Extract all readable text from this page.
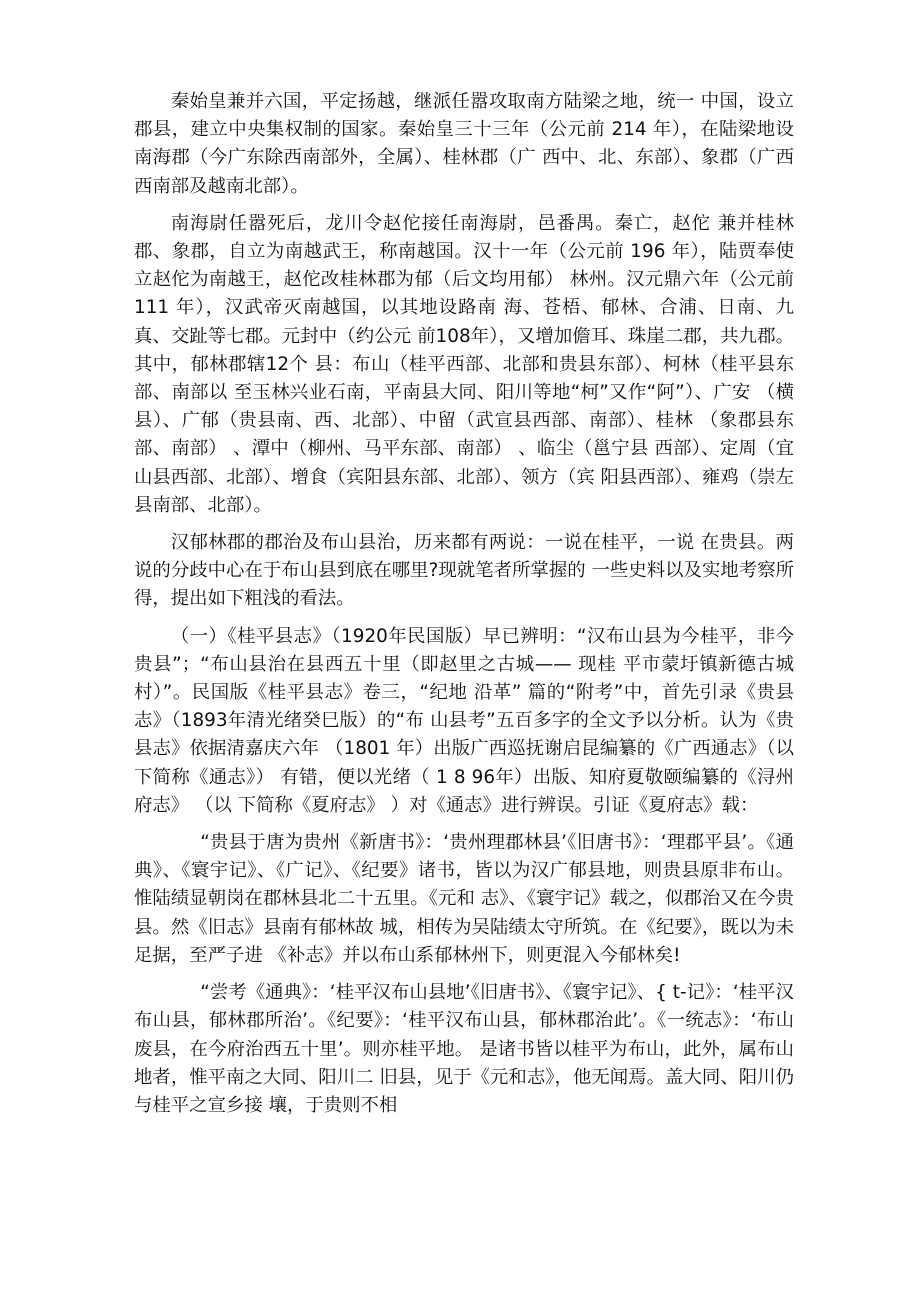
秦始皇兼并六国，平定扬越，继派任嚣攻取南方陆梁之地，统一 中国，设立郡县，建立中央集权制的国家。秦始皇三十三年（公元前 214 年），在陆梁地设南海郡（今广东除西南部外，全属）、桂林郡（广 西中、北、东部）、象郡（广西西南部及越南北部）。

南海尉任嚣死后，龙川令赵佗接任南海尉，邑番禺。秦亡，赵佗 兼并桂林郡、象郡，自立为南越武王，称南越国。汉十一年（公元前 196 年），陆贾奉使立赵佗为南越王，赵佗改桂林郡为郁（后文均用郁） 林州。汉元鼎六年（公元前 111 年），汉武帝灭南越国，以其地设路南 海、苍梧、郁林、合浦、日南、九真、交趾等七郡。元封中（约公元 前108年），又增加儋耳、珠崖二郡，共九郡。其中，郁林郡辖12个 县：布山（桂平西部、北部和贵县东部）、柯林（桂平县东部、南部以 至玉林兴业石南，平南县大同、阳川等地“柯”又作“阿”）、广安 （横县）、广郁（贵县南、西、北部）、中留（武宣县西部、南部）、桂林 （象郡县东部、南部） 、潭中（柳州、马平东部、南部） 、临尘（邕宁县 西部）、定周（宜山县西部、北部）、增食（宾阳县东部、北部）、领方（宾 阳县西部）、雍鸡（崇左县南部、北部）。

汉郁林郡的郡治及布山县治，历来都有两说：一说在桂平，一说 在贵县。两说的分歧中心在于布山县到底在哪里?现就笔者所掌握的 一些史料以及实地考察所得，提出如下粗浅的看法。

（一）《桂平县志》（1920年民国版）早已辨明：“汉布山县为今桂平，非今贵县”；“布山县治在县西五十里（即赵里之古城—— 现桂 平市蒙圩镇新德古城村）”。民国版《桂平县志》卷三，“纪地 沿革” 篇的“附考”中，首先引录《贵县志》（1893年清光绪癸巳版）的“布 山县考”五百多字的全文予以分析。认为《贵县志》依据清嘉庆六年 （1801 年）出版广西巡抚谢启昆编纂的《广西通志》（以下简称《通志》） 有错，便以光绪（ 1 8 96年）出版、知府夏敬颐编纂的《浔州府志》 （以 下简称《夏府志》 ）对《通志》进行辨误。引证《夏府志》载：

“贵县于唐为贵州《新唐书》：‘贵州理郡林县’《旧唐书》：‘理郡平县’。《通典》、《寰宇记》、《广记》、《纪要》诸书，皆以为汉广郁县地，则贵县原非布山。惟陆绩显朝岗在郡林县北二十五里。《元和 志》、《寰宇记》载之，似郡治又在今贵县。然《旧志》县南有郁林故 城，相传为吴陆绩太守所筑。在《纪要》，既以为未足据，至严子进 《补志》并以布山系郁林州下，则更混入今郁林矣!

“尝考《通典》：‘桂平汉布山县地’《旧唐书》、《寰宇记》、{ t-记》：‘桂平汉布山县，郁林郡所治’。《纪要》：‘桂平汉布山县，郁林郡治此’。《一统志》：‘布山废县，在今府治西五十里’。则亦桂平地。 是诸书皆以桂平为布山，此外，属布山地者，惟平南之大同、阳川二 旧县，见于《元和志》，他无闻焉。盖大同、阳川仍与桂平之宣乡接 壤，于贵则不相
